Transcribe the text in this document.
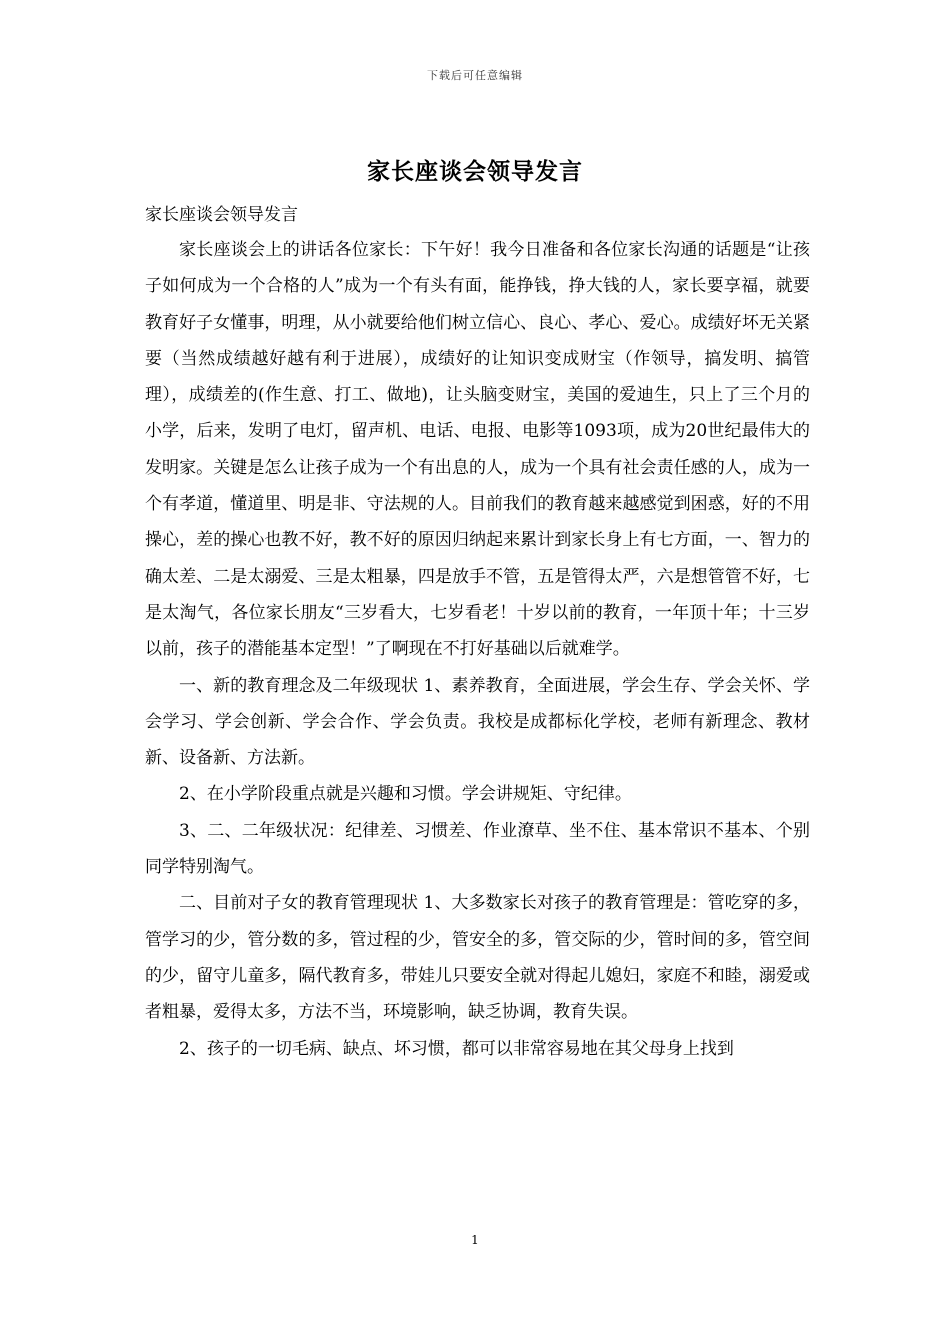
下载后可任意编辑
家长座谈会领导发言
家长座谈会领导发言

家长座谈会上的讲话各位家长：下午好！我今日准备和各位家长沟通的话题是“让孩子如何成为一个合格的人”成为一个有头有面，能挣钱，挣大钱的人，家长要享福，就要教育好子女懂事，明理，从小就要给他们树立信心、良心、孝心、爱心。成绩好坏无关紧要（当然成绩越好越有利于进展），成绩好的让知识变成财宝（作领导，搞发明、搞管理），成绩差的(作生意、打工、做地)，让头脑变财宝，美国的爱迪生，只上了三个月的小学，后来，发明了电灯，留声机、电话、电报、电影等1093项，成为20世纪最伟大的发明家。关键是怎么让孩子成为一个有出息的人，成为一个具有社会责任感的人，成为一个有孝道，懂道里、明是非、守法规的人。目前我们的教育越来越感觉到困惑，好的不用操心，差的操心也教不好，教不好的原因归纳起来累计到家长身上有七方面，一、智力的确太差、二是太溺爱、三是太粗暴，四是放手不管，五是管得太严，六是想管管不好，七是太淘气，各位家长朋友“三岁看大，七岁看老！十岁以前的教育，一年顶十年；十三岁以前，孩子的潜能基本定型！”了啊现在不打好基础以后就难学。

一、新的教育理念及二年级现状 1、素养教育，全面进展，学会生存、学会关怀、学会学习、学会创新、学会合作、学会负责。我校是成都标化学校，老师有新理念、教材新、设备新、方法新。

2、在小学阶段重点就是兴趣和习惯。学会讲规矩、守纪律。

3、二、二年级状况：纪律差、习惯差、作业潦草、坐不住、基本常识不基本、个别同学特别淘气。

二、目前对子女的教育管理现状 1、大多数家长对孩子的教育管理是：管吃穿的多，管学习的少，管分数的多，管过程的少，管安全的多，管交际的少，管时间的多，管空间的少，留守儿童多，隔代教育多，带娃儿只要安全就对得起儿媳妇，家庭不和睦，溺爱或者粗暴，爱得太多，方法不当，环境影响，缺乏协调，教育失误。

2、孩子的一切毛病、缺点、坏习惯，都可以非常容易地在其父母身上找到

1
